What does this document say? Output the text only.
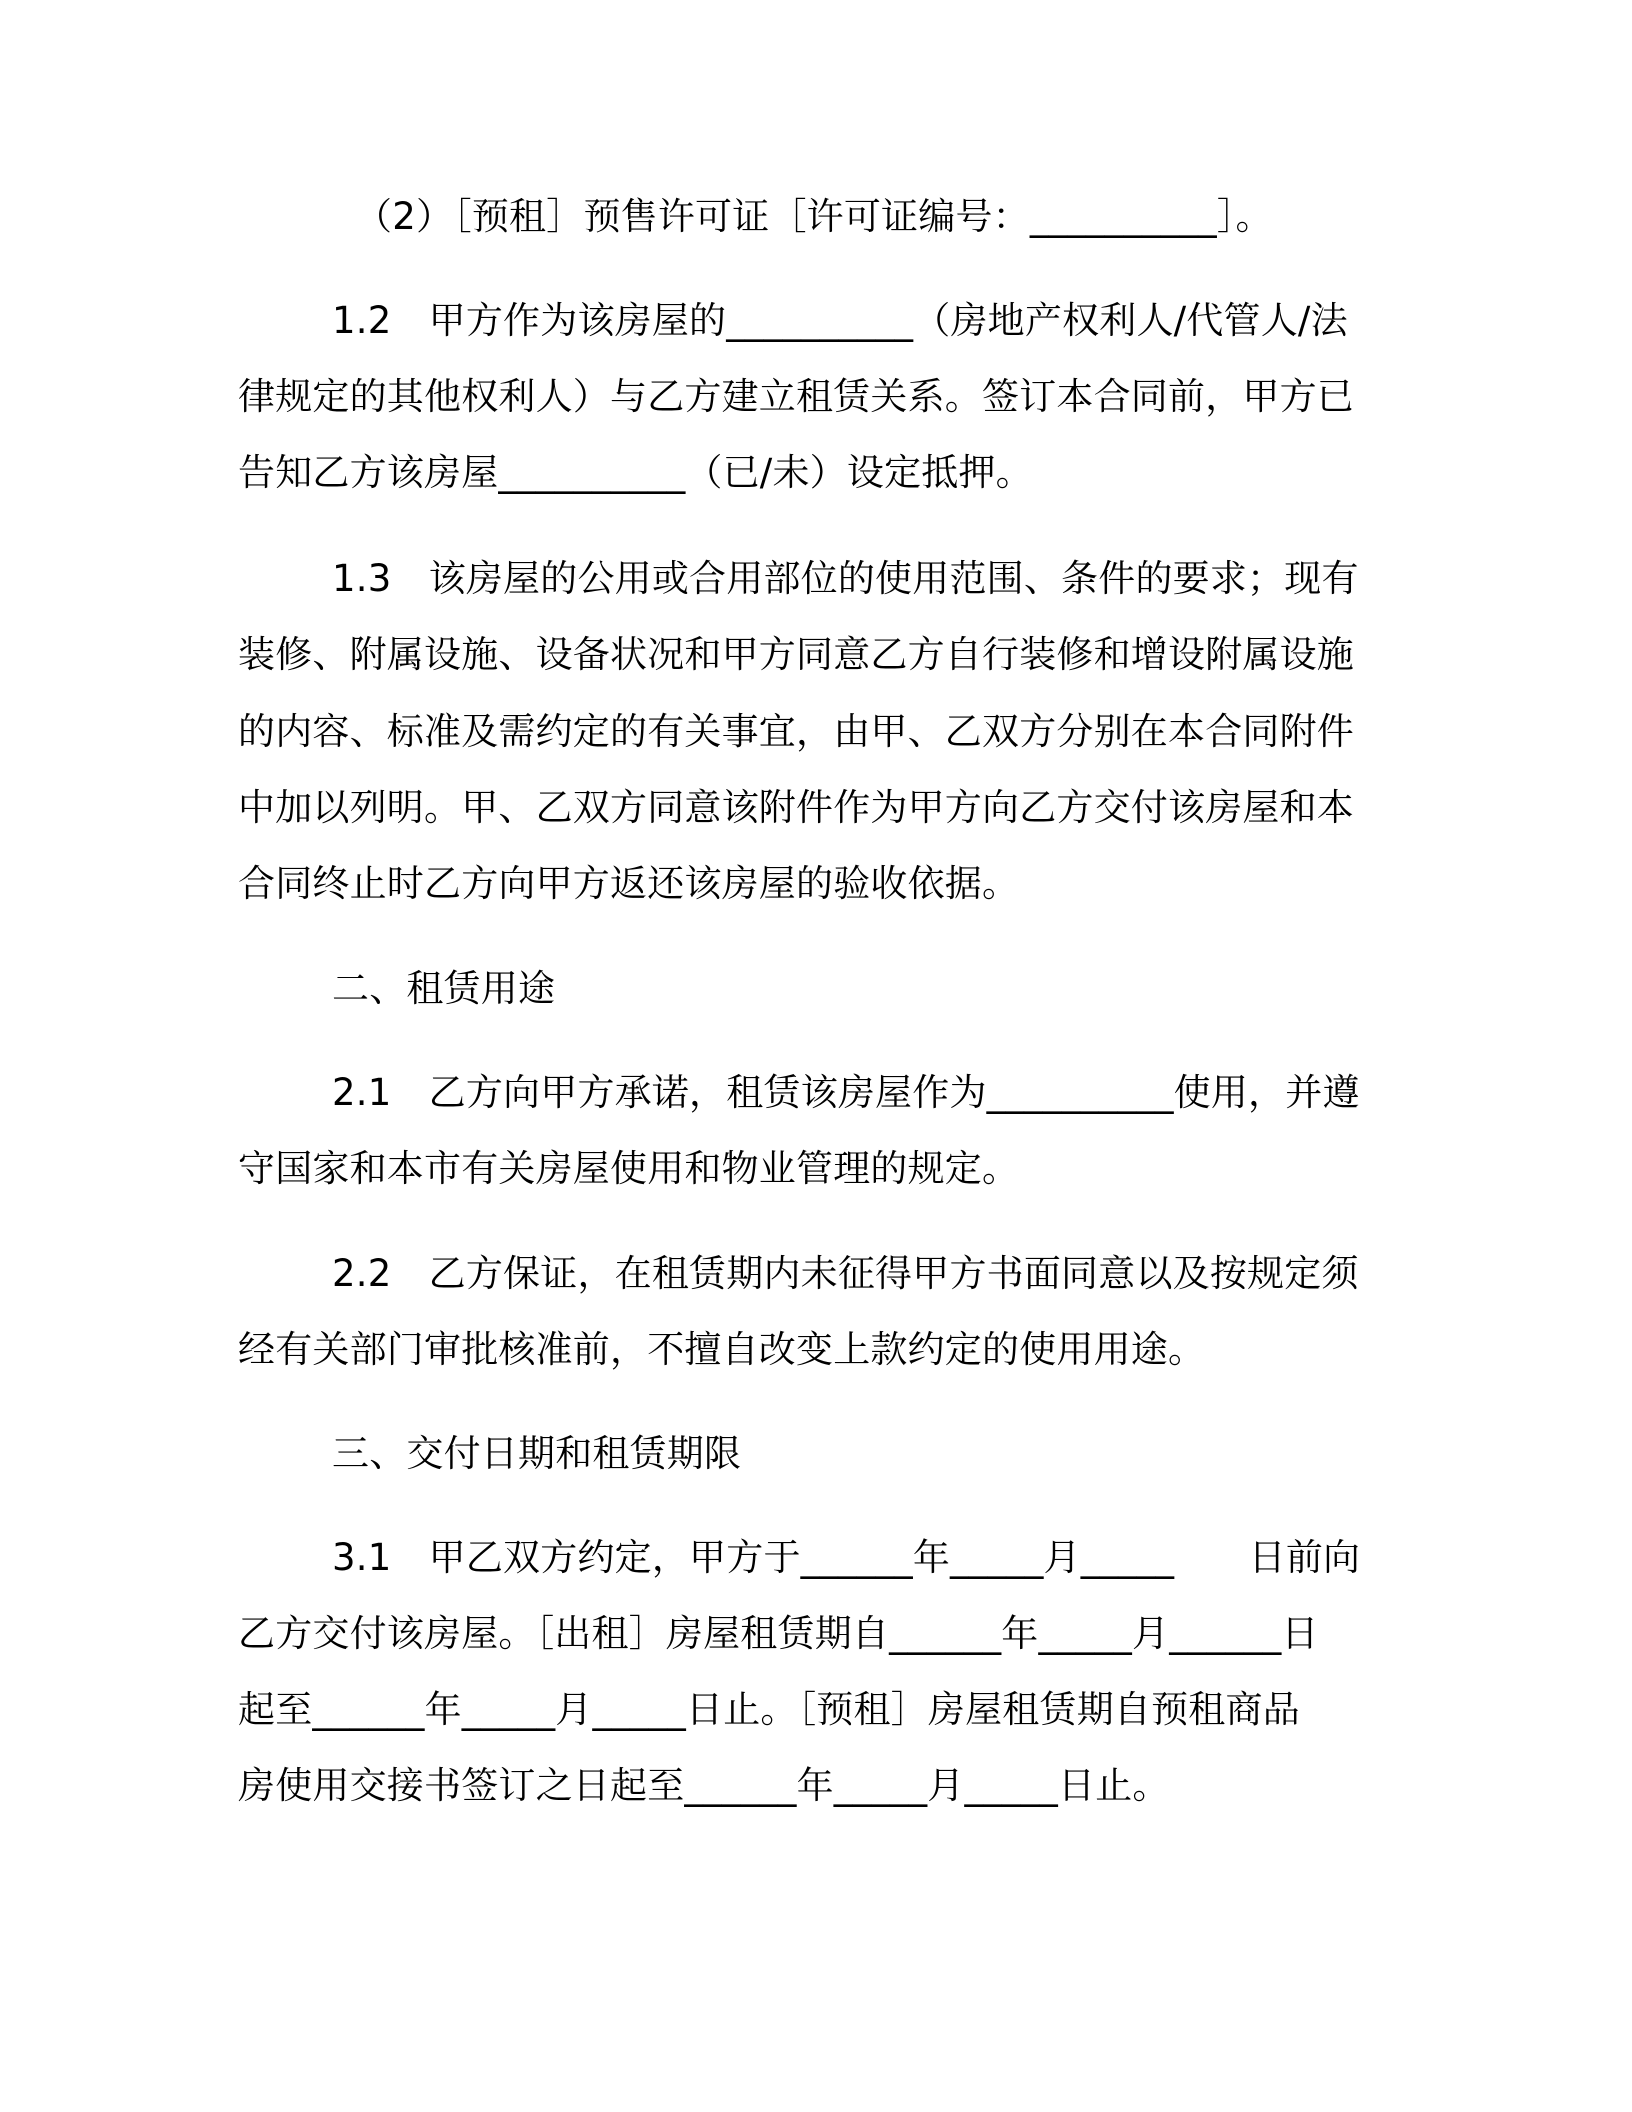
（2）［预租］预售许可证［许可证编号：__________］。
1.2　甲方作为该房屋的__________（房地产权利人/代管人/法
律规定的其他权利人）与乙方建立租赁关系。签订本合同前，甲方已
告知乙方该房屋__________（已/未）设定抵押。
1.3　该房屋的公用或合用部位的使用范围、条件的要求；现有
装修、附属设施、设备状况和甲方同意乙方自行装修和增设附属设施
的内容、标准及需约定的有关事宜，由甲、乙双方分别在本合同附件
中加以列明。甲、乙双方同意该附件作为甲方向乙方交付该房屋和本
合同终止时乙方向甲方返还该房屋的验收依据。
二、租赁用途
2.1　乙方向甲方承诺，租赁该房屋作为__________使用，并遵
守国家和本市有关房屋使用和物业管理的规定。
2.2　乙方保证，在租赁期内未征得甲方书面同意以及按规定须
经有关部门审批核准前，不擅自改变上款约定的使用用途。
三、交付日期和租赁期限
3.1　甲乙双方约定，甲方于______年_____月_____　　日前向
乙方交付该房屋。［出租］房屋租赁期自______年_____月______日
起至______年_____月_____日止。［预租］房屋租赁期自预租商品
房使用交接书签订之日起至______年_____月_____日止。
